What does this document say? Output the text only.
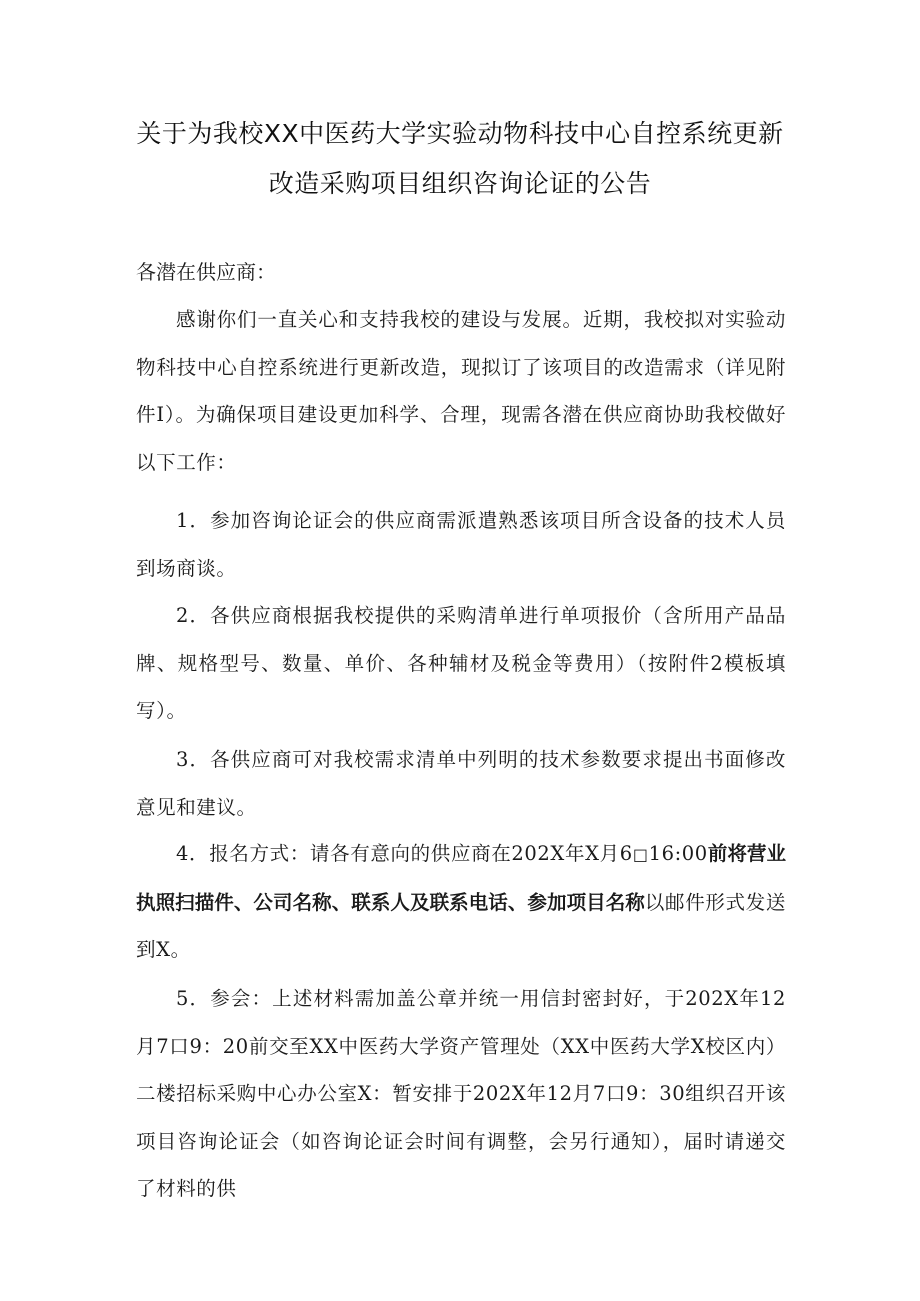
关于为我校XX中医药大学实验动物科技中心自控系统更新
改造采购项目组织咨询论证的公告
各潜在供应商：
感谢你们一直关心和支持我校的建设与发展。近期，我校拟对实验动物科技中心自控系统进行更新改造，现拟订了该项目的改造需求（详见附件I）。为确保项目建设更加科学、合理，现需各潜在供应商协助我校做好以下工作：
1．参加咨询论证会的供应商需派遣熟悉该项目所含设备的技术人员到场商谈。
2．各供应商根据我校提供的采购清单进行单项报价（含所用产品品牌、规格型号、数量、单价、各种辅材及税金等费用）（按附件2模板填写）。
3．各供应商可对我校需求清单中列明的技术参数要求提出书面修改意见和建议。
4．报名方式：请各有意向的供应商在202X年X月6□16:00前将营业执照扫描件、公司名称、联系人及联系电话、参加项目名称以邮件形式发送到X。
5．参会：上述材料需加盖公章并统一用信封密封好，于202X年12月7口9：20前交至XX中医药大学资产管理处（XX中医药大学X校区内）二楼招标采购中心办公室X：暂安排于202X年12月7口9：30组织召开该项目咨询论证会（如咨询论证会时间有调整，会另行通知），届时请递交了材料的供
